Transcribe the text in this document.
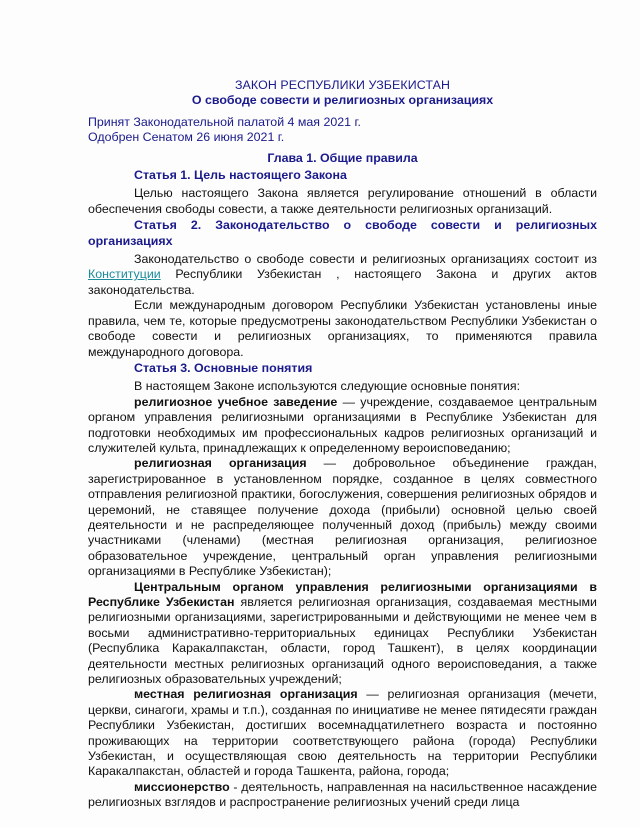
ЗАКОН РЕСПУБЛИКИ УЗБЕКИСТАН
О свободе совести и религиозных организациях
Принят Законодательной палатой 4 мая 2021 г.
Одобрен Сенатом 26 июня 2021 г.
Глава 1. Общие правила
Статья 1. Цель настоящего Закона

Целью настоящего Закона является регулирование отношений в области обеспечения свободы совести, а также деятельности религиозных организаций.

Статья 2. Законодательство о свободе совести и религиозных организациях

Законодательство о свободе совести и религиозных организациях состоит из Конституции Республики Узбекистан , настоящего Закона и других актов законодательства.

Если международным договором Республики Узбекистан установлены иные правила, чем те, которые предусмотрены законодательством Республики Узбекистан о свободе совести и религиозных организациях, то применяются правила международного договора.

Статья 3. Основные понятия

В настоящем Законе используются следующие основные понятия:

религиозное учебное заведение — учреждение, создаваемое центральным органом управления религиозными организациями в Республике Узбекистан для подготовки необходимых им профессиональных кадров религиозных организаций и служителей культа, принадлежащих к определенному вероисповеданию;

религиозная организация — добровольное объединение граждан, зарегистрированное в установленном порядке, созданное в целях совместного отправления религиозной практики, богослужения, совершения религиозных обрядов и церемоний, не ставящее получение дохода (прибыли) основной целью своей деятельности и не распределяющее полученный доход (прибыль) между своими участниками (членами) (местная религиозная организация, религиозное образовательное учреждение, центральный орган управления религиозными организациями в Республике Узбекистан);

Центральным органом управления религиозными организациями в Республике Узбекистан является религиозная организация, создаваемая местными религиозными организациями, зарегистрированными и действующими не менее чем в восьми административно-территориальных единицах Республики Узбекистан (Республика Каракалпакстан, области, город Ташкент), в целях координации деятельности местных религиозных организаций одного вероисповедания, а также религиозных образовательных учреждений;

местная религиозная организация — религиозная организация (мечети, церкви, синагоги, храмы и т.п.), созданная по инициативе не менее пятидесяти граждан Республики Узбекистан, достигших восемнадцатилетнего возраста и постоянно проживающих на территории соответствующего района (города) Республики Узбекистан, и осуществляющая свою деятельность на территории Республики Каракалпакстан, областей и города Ташкента, района, города;

миссионерство - деятельность, направленная на насильственное насаждение религиозных взглядов и распространение религиозных учений среди лица
